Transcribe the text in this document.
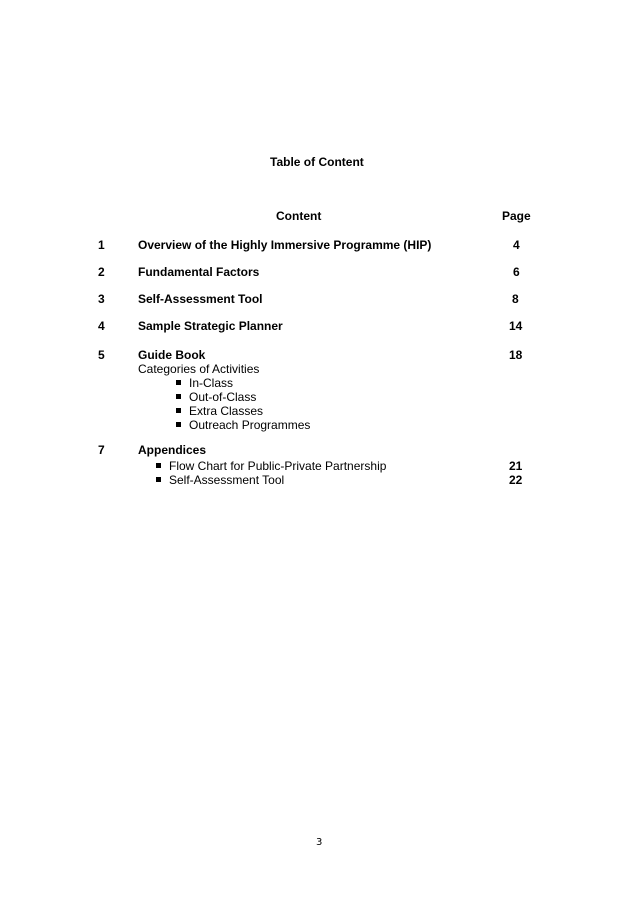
Table of Content
Content	Page
1	Overview of the Highly Immersive Programme (HIP)	4
2	Fundamental Factors	6
3	Self-Assessment Tool	8
4	Sample Strategic Planner	14
5	Guide Book	18
Categories of Activities
In-Class
Out-of-Class
Extra Classes
Outreach Programmes
7	Appendices
Flow Chart for Public-Private Partnership	21
Self-Assessment Tool	22
3
